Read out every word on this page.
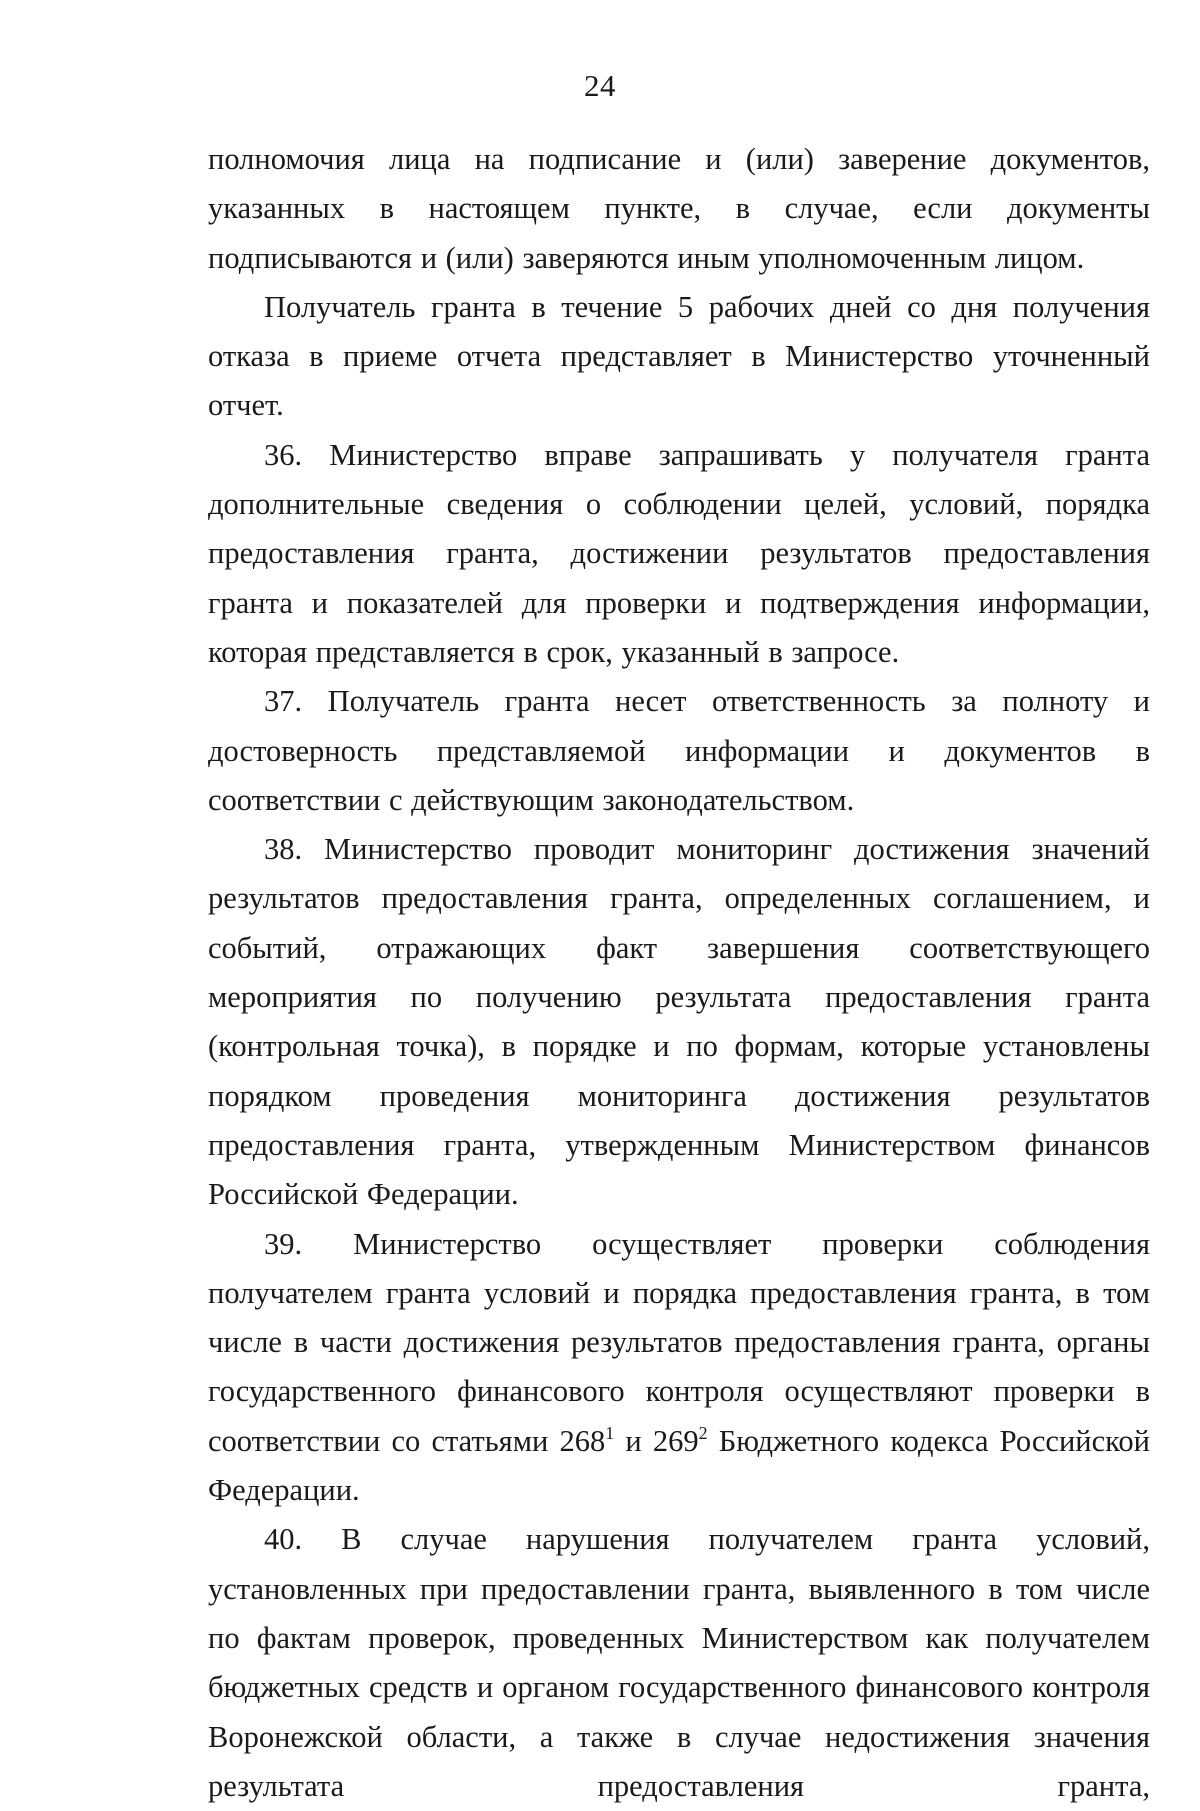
24

полномочия лица на подписание и (или) заверение документов, указанных в настоящем пункте, в случае, если документы подписываются и (или) заверяются иным уполномоченным лицом.

Получатель гранта в течение 5 рабочих дней со дня получения отказа в приеме отчета представляет в Министерство уточненный отчет.

36. Министерство вправе запрашивать у получателя гранта дополнительные сведения о соблюдении целей, условий, порядка предоставления гранта, достижении результатов предоставления гранта и показателей для проверки и подтверждения информации, которая представляется в срок, указанный в запросе.

37. Получатель гранта несет ответственность за полноту и достоверность представляемой информации и документов в соответствии с действующим законодательством.

38. Министерство проводит мониторинг достижения значений результатов предоставления гранта, определенных соглашением, и событий, отражающих факт завершения соответствующего мероприятия по получению результата предоставления гранта (контрольная точка), в порядке и по формам, которые установлены порядком проведения мониторинга достижения результатов предоставления гранта, утвержденным Министерством финансов Российской Федерации.

39. Министерство осуществляет проверки соблюдения получателем гранта условий и порядка предоставления гранта, в том числе в части достижения результатов предоставления гранта, органы государственного финансового контроля осуществляют проверки в соответствии со статьями $268^1$ и $269^2$ Бюджетного кодекса Российской Федерации.

40. В случае нарушения получателем гранта условий, установленных при предоставлении гранта, выявленного в том числе по фактам проверок, проведенных Министерством как получателем бюджетных средств и органом государственного финансового контроля Воронежской области, а также в случае недостижения значения результата предоставления гранта,
